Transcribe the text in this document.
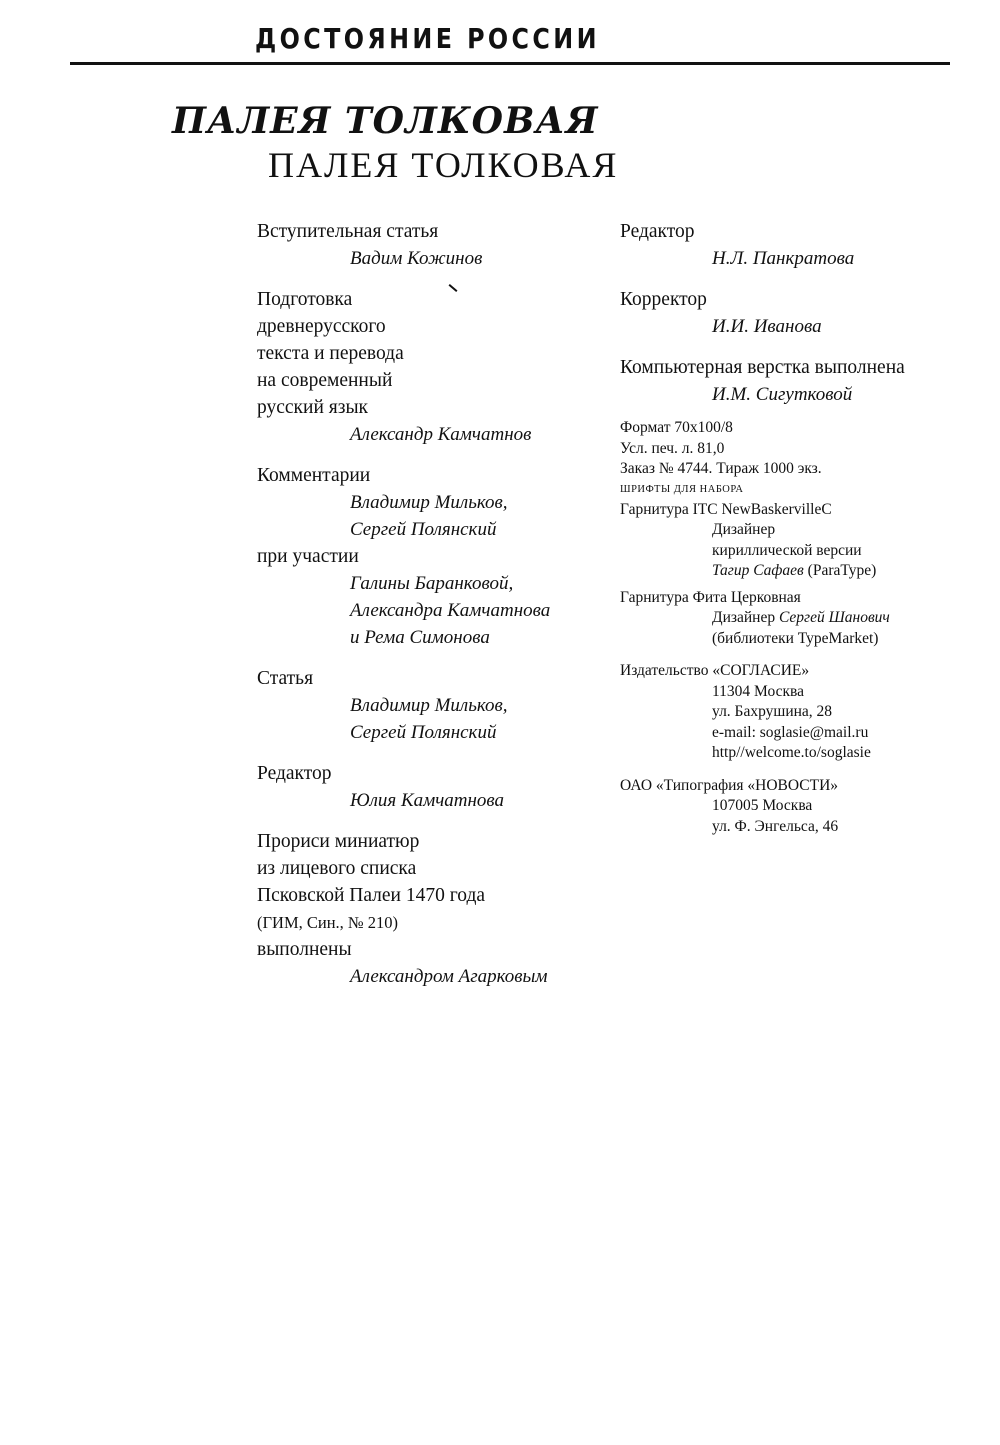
ДОСТОЯНИЕ РОССИИ
ПАЛЕЯ ТОЛКОВАЯ
ПАЛЕЯ ТОЛКОВАЯ

Вступительная статья

Вадим Кожинов

Подготовка

древнерусского

текста и перевода

на современный

русский язык

Александр Камчатнов

Комментарии

Владимир Мильков,

Сергей Полянский

при участии

Галины Баранковой,

Александра Камчатнова

и Рема Симонова

Статья

Владимир Мильков,

Сергей Полянский

Редактор

Юлия Камчатнова

Прориси миниатюр

из лицевого списка

Псковской Палеи 1470 года

(ГИМ, Син., № 210)

выполнены

Александром Агарковым

Редактор

Н.Л. Панкратова

Корректор

И.И. Иванова

Компьютерная верстка выполнена

И.М. Сигутковой

Формат 70х100/8

Усл. печ. л. 81,0

Заказ № 4744. Тираж 1000 экз.

ШРИФТЫ ДЛЯ НАБОРА

Гарнитура ITC NewBaskervilleC

Дизайнер

кириллической версии

Тагир Сафаев (ParaType)

Гарнитура Фита Церковная

Дизайнер Сергей Шанович

(библиотеки TypeMarket)

Издательство «СОГЛАСИЕ»

11304 Москва

ул. Бахрушина, 28

e-mail: soglasie@mail.ru

http//welcome.to/soglasie

ОАО «Типография «НОВОСТИ»

107005 Москва

ул. Ф. Энгельса, 46
